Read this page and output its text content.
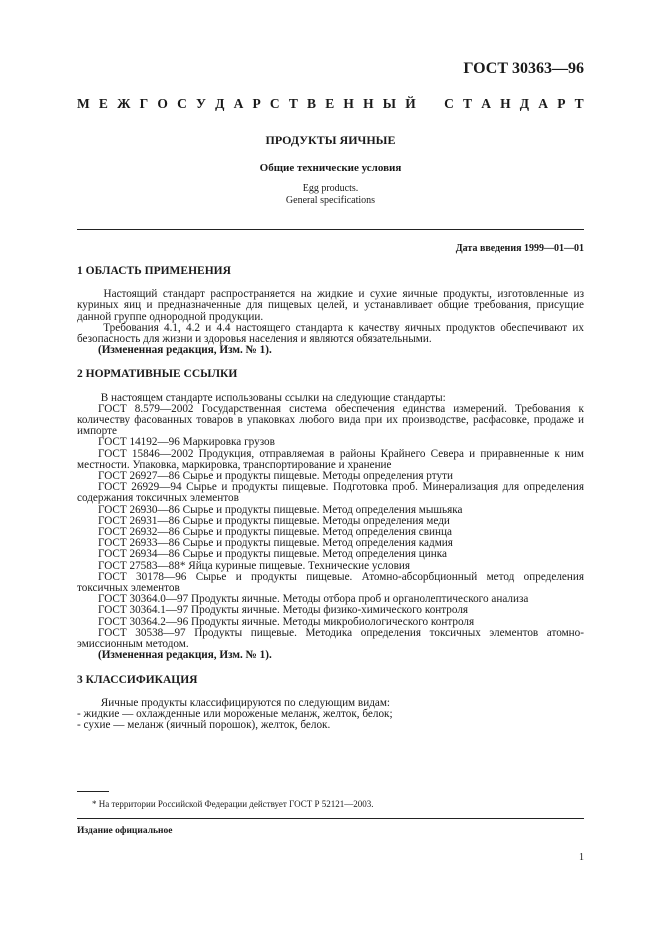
ГОСТ 30363—96
М Е Ж Г О С У Д А Р С Т В Е Н Н Ы Й С Т А Н Д А Р Т
ПРОДУКТЫ ЯИЧНЫЕ
Общие технические условия
Egg products.
General specifications
Дата введения 1999—01—01
1 ОБЛАСТЬ ПРИМЕНЕНИЯ
Настоящий стандарт распространяется на жидкие и сухие яичные продукты, изготовленные из куриных яиц и предназначенные для пищевых целей, и устанавливает общие требования, присущие данной группе однородной продукции.
Требования 4.1, 4.2 и 4.4 настоящего стандарта к качеству яичных продуктов обеспечивают их безопасность для жизни и здоровья населения и являются обязательными.
(Измененная редакция, Изм. № 1).
2 НОРМАТИВНЫЕ ССЫЛКИ
В настоящем стандарте использованы ссылки на следующие стандарты:
ГОСТ 8.579—2002 Государственная система обеспечения единства измерений. Требования к количеству фасованных товаров в упаковках любого вида при их производстве, расфасовке, продаже и импорте
ГОСТ 14192—96 Маркировка грузов
ГОСТ 15846—2002 Продукция, отправляемая в районы Крайнего Севера и приравненные к ним местности. Упаковка, маркировка, транспортирование и хранение
ГОСТ 26927—86 Сырье и продукты пищевые. Методы определения ртути
ГОСТ 26929—94 Сырье и продукты пищевые. Подготовка проб. Минерализация для определения содержания токсичных элементов
ГОСТ 26930—86 Сырье и продукты пищевые. Метод определения мышьяка
ГОСТ 26931—86 Сырье и продукты пищевые. Методы определения меди
ГОСТ 26932—86 Сырье и продукты пищевые. Метод определения свинца
ГОСТ 26933—86 Сырье и продукты пищевые. Метод определения кадмия
ГОСТ 26934—86 Сырье и продукты пищевые. Метод определения цинка
ГОСТ 27583—88* Яйца куриные пищевые. Технические условия
ГОСТ 30178—96 Сырье и продукты пищевые. Атомно-абсорбционный метод определения токсичных элементов
ГОСТ 30364.0—97 Продукты яичные. Методы отбора проб и органолептического анализа
ГОСТ 30364.1—97 Продукты яичные. Методы физико-химического контроля
ГОСТ 30364.2—96 Продукты яичные. Методы микробиологического контроля
ГОСТ 30538—97 Продукты пищевые. Методика определения токсичных элементов атомно-эмиссионным методом.
(Измененная редакция, Изм. № 1).
3 КЛАССИФИКАЦИЯ
Яичные продукты классифицируются по следующим видам:
- жидкие — охлажденные или мороженые меланж, желток, белок;
- сухие — меланж (яичный порошок), желток, белок.
* На территории Российской Федерации действует ГОСТ Р 52121—2003.
Издание официальное
1
